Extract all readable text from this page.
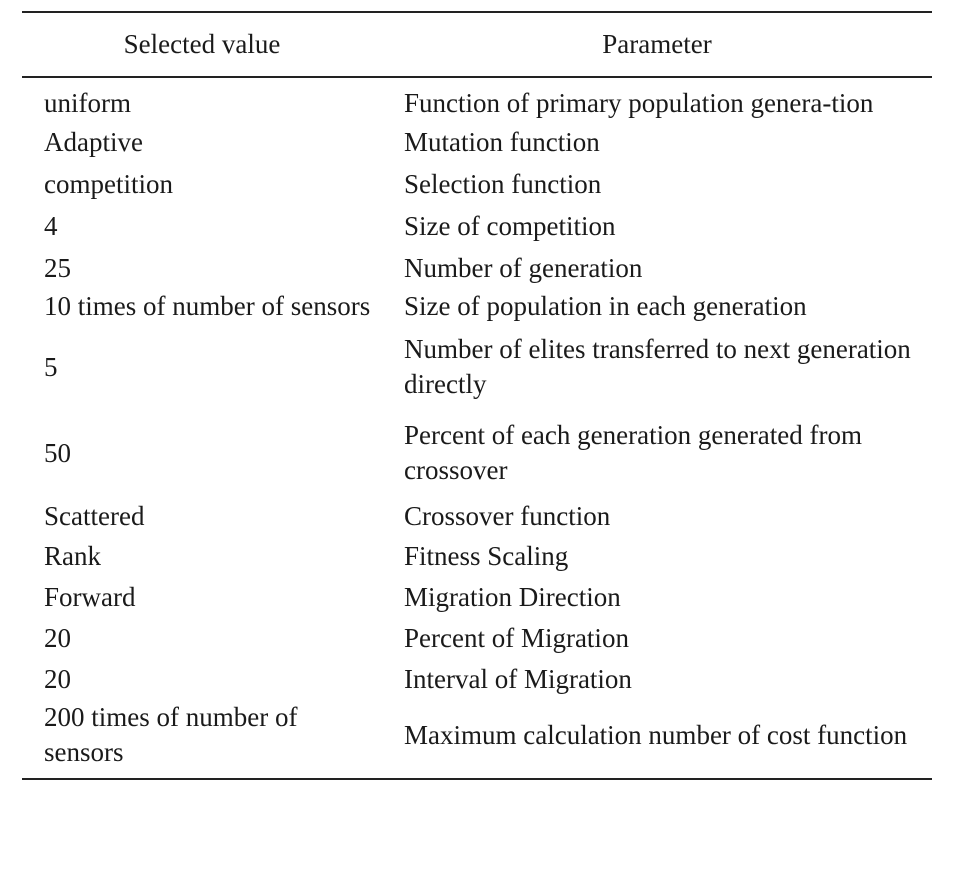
Selected value	Parameter
uniform	Function of primary population genera-tion
Adaptive	Mutation function
competition	Selection function
4	Size of competition
25	Number of generation
10 times of number of sensors	Size of population in each generation
5	Number of elites transferred to next generation directly
50	Percent of each generation generated from crossover
Scattered	Crossover function
Rank	Fitness Scaling
Forward	Migration Direction
20	Percent of Migration
20	Interval of Migration
200 times of number of sensors	Maximum calculation number of cost function
